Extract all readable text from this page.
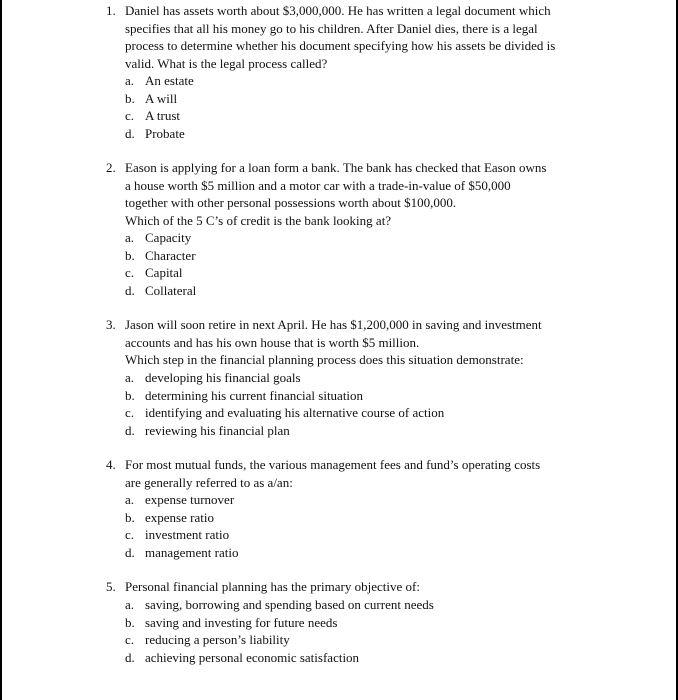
1. Daniel has assets worth about $3,000,000. He has written a legal document which
specifies that all his money go to his children. After Daniel dies, there is a legal
process to determine whether his document specifying how his assets be divided is
valid. What is the legal process called?
a. An estate
b. A will
c. A trust
d. Probate
2. Eason is applying for a loan form a bank. The bank has checked that Eason owns
a house worth $5 million and a motor car with a trade-in-value of $50,000
together with other personal possessions worth about $100,000.
Which of the 5 C’s of credit is the bank looking at?
a. Capacity
b. Character
c. Capital
d. Collateral
3. Jason will soon retire in next April. He has $1,200,000 in saving and investment
accounts and has his own house that is worth $5 million.
Which step in the financial planning process does this situation demonstrate:
a. developing his financial goals
b. determining his current financial situation
c. identifying and evaluating his alternative course of action
d. reviewing his financial plan
4. For most mutual funds, the various management fees and fund’s operating costs
are generally referred to as a/an:
a. expense turnover
b. expense ratio
c. investment ratio
d. management ratio
5. Personal financial planning has the primary objective of:
a. saving, borrowing and spending based on current needs
b. saving and investing for future needs
c. reducing a person’s liability
d. achieving personal economic satisfaction
